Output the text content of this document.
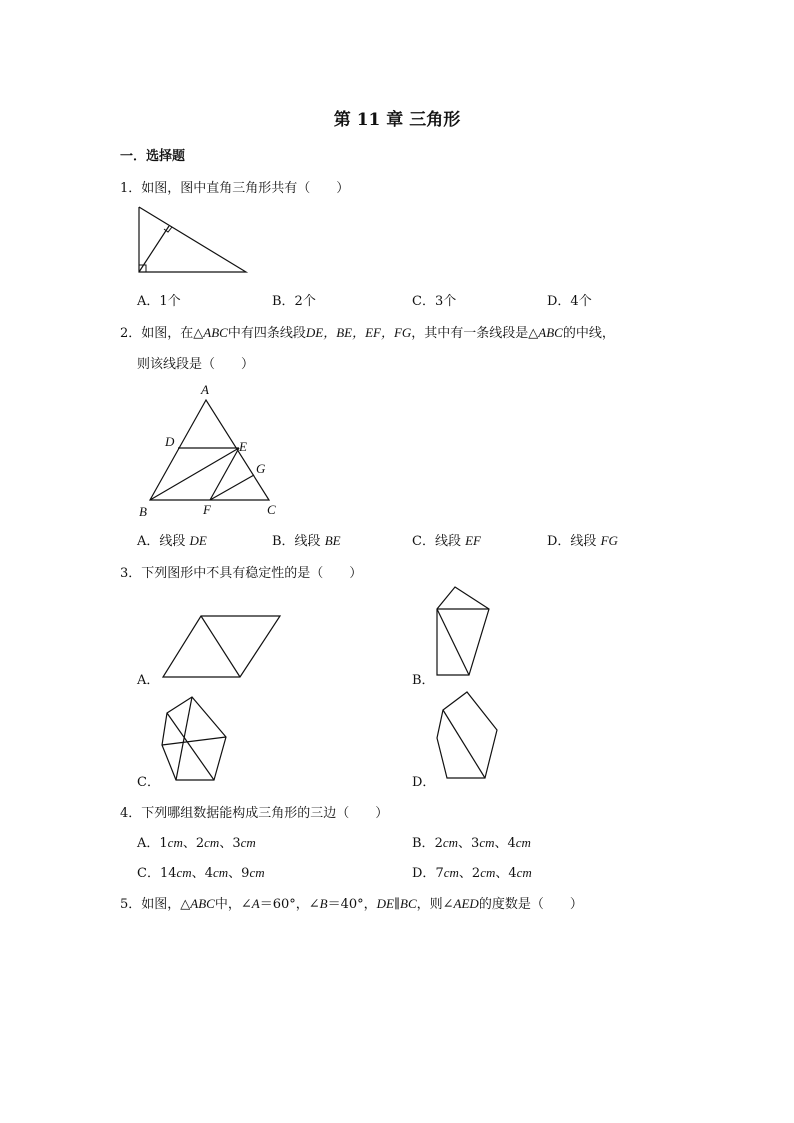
第 11 章 三角形
一．选择题
1．如图，图中直角三角形共有（　　）
A．1个	B．2个	C．3个	D．4个
2．如图，在△ABC中有四条线段DE，BE，EF，FG，其中有一条线段是△ABC的中线，
则该线段是（　　）
A
D	E
G
B	F	C
A．线段 DE	B．线段 BE	C．线段 EF	D．线段 FG
3．下列图形中不具有稳定性的是（　　）
A．	B．
C．	D．
4．下列哪组数据能构成三角形的三边（　　）
A．1cm、2cm、3cm	B．2cm、3cm、4cm
C．14cm、4cm、9cm	D．7cm、2cm、4cm
5．如图，△ABC中，∠A＝60°，∠B＝40°，DE∥BC，则∠AED的度数是（　　）
